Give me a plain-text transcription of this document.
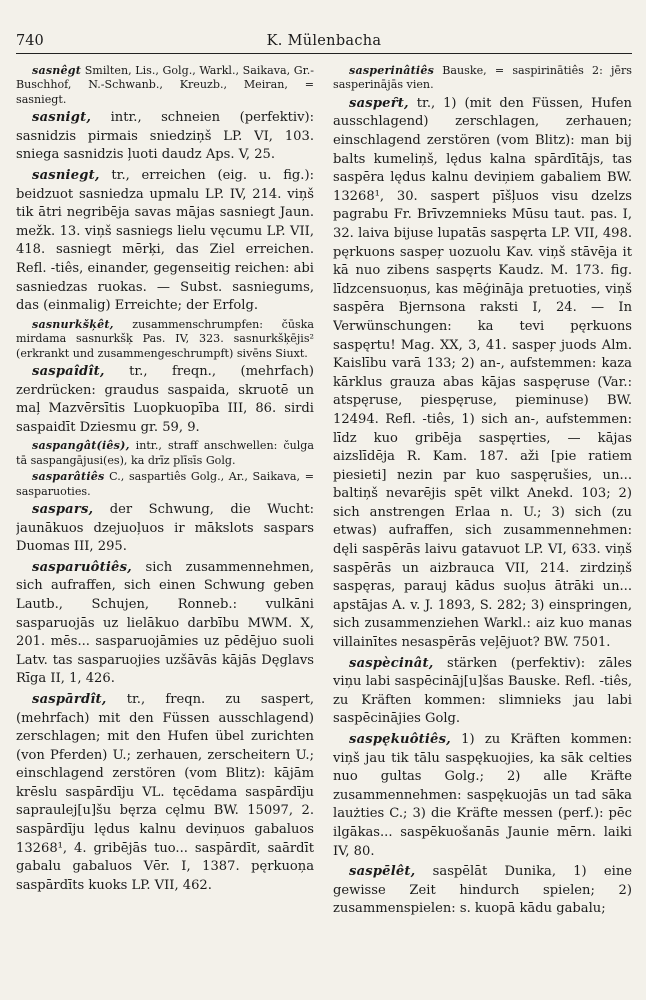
740	K. Mülenbacha

sasnêgt Smilten, Lis., Golg., Warkl., Saikava, Gr.-Buschhof, N.-Schwanb., Kreuzb., Meiran, = sasniegt.

sasnigt, intr., schneien (perfektiv): sasnidzis pirmais sniedziņš LP. VI, 103. sniega sasnidzis ļuoti daudz Aps. V, 25.

sasniegt, tr., erreichen (eig. u. fig.): beidzuot sasniedza upmalu LP. IV, 214. viņš tik ātri negribēja savas mājas sasniegt Jaun. mežk. 13. viņš sasniegs lielu vęcumu LP. VII, 418. sasniegt mērķi, das Ziel erreichen. Refl. -tiês, einander, gegenseitig reichen: abi sasniedzas ruokas. — Subst. sasniegums, das (einmalig) Erreichte; der Erfolg.

sasnurkšķêt, zusammenschrumpfen: čūska mirdama sasnurkšķ Pas. IV, 323. sasnurkšķējis² (erkrankt und zusammengeschrumpft) sivēns Siuxt.

saspaîdît, tr., freqn., (mehrfach) zerdrücken: graudus saspaida, skruotē un maļ Mazvērsītis Luopkuopība III, 86. sirdi saspaidīt Dziesmu gr. 59, 9.

saspangât(iês), intr., straff anschwellen: čulga tā saspangājusi(es), ka drīz plīsīs Golg.

sasparâtiês C., saspartiês Golg., Ar., Saikava, = sasparuoties.

saspars, der Schwung, die Wucht: jaunākuos dzejuoļuos ir mākslots saspars Duomas III, 295.

sasparuôtiês, sich zusammennehmen, sich aufraffen, sich einen Schwung geben Lautb., Schujen, Ronneb.: vulkāni sasparuojās uz lielākuo darbību MWM. X, 201. mēs... sasparuojāmies uz pēdējuo suoli Latv. tas sasparuojies uzšāvās kājās Dęglavs Rīga II, 1, 426.

saspārdît, tr., freqn. zu saspert, (mehrfach) mit den Füssen ausschlagend) zerschlagen; mit den Hufen übel zurichten (von Pferden) U.; zerhauen, zerscheitern U.; einschlagend zerstören (vom Blitz): kājām krēslu saspārdīju VL. tęcēdama saspārdīju sapraulej[u]šu bęrza cęlmu BW. 15097, 2. saspārdīju lędus kalnu deviņuos gabaluos 13268¹, 4. gribējās tuo... saspārdīt, saārdīt gabalu gabaluos Vēr. I, 1387. pęrkuoņa saspārdīts kuoks LP. VII, 462.

sasperinâtiês Bauske, = saspirinātiês 2: jērs sasperinājās vien.

saspeȓt, tr., 1) (mit den Füssen, Hufen ausschlagend) zerschlagen, zerhauen; einschlagend zerstören (vom Blitz): man bij balts kumeliņš, lędus kalna spārdītājs, tas saspēra lędus kalnu deviņiem gabaliem BW. 13268¹, 30. saspert pīšļuos visu dzelzs pagrabu Fr. Brīvzemnieks Mūsu taut. pas. I, 32. laiva bijuse lupatās saspęrta LP. VII, 498. pęrkuons saspeŗ uozuolu Kav. viņš stāvēja it kā nuo zibens saspęrts Kaudz. M. 173. fig. līdzcensuoņus, kas mēģināja pretuoties, viņš saspēra Bjernsona raksti I, 24. — In Verwünschungen: ka tevi pęrkuons saspęrtu! Mag. XX, 3, 41. saspeŗ juods Alm. Kaislību varā 133; 2) an-, aufstemmen: kaza kārklus grauza abas kājas saspęruse (Var.: atspęruse, piespęruse, pieminuse) BW. 12494. Refl. -tiês, 1) sich an-, aufstemmen: līdz kuo gribēja saspęrties, — kājas aizslīdēja R. Kam. 187. aži [pie ratiem piesieti] nezin par kuo saspęrušies, un... baltiņš nevarējis spēt vilkt Anekd. 103; 2) sich anstrengen Erlaa n. U.; 3) sich (zu etwas) aufraffen, sich zusammennehmen: dęli saspērās laivu gatavuot LP. VI, 633. viņš saspērās un aizbrauca VII, 214. zirdziņš saspęras, parauj kādus suoļus ātrāki un... apstājas A. v. J. 1893, S. 282; 3) einspringen, sich zusammenziehen Warkl.: aiz kuo manas villainītes nesaspērās veļējuot? BW. 7501.

saspècinât, stärken (perfektiv): zāles viņu labi saspēcināj[u]šas Bauske. Refl. -tiês, zu Kräften kommen: slimnieks jau labi saspēcinājies Golg.

saspękuôtiês, 1) zu Kräften kommen: viņš jau tik tālu saspękuojies, ka sāk celties nuo gultas Golg.; 2) alle Kräfte zusammennehmen: saspękuojās un tad sāka laużties C.; 3) die Kräfte messen (perf.): pēc ilgākas... saspēkuošanās Jaunie mērn. laiki IV, 80.

saspēlêt, saspēlāt Dunika, 1) eine gewisse Zeit hindurch spielen; 2) zusammenspielen: s. kuopā kādu gabalu;
